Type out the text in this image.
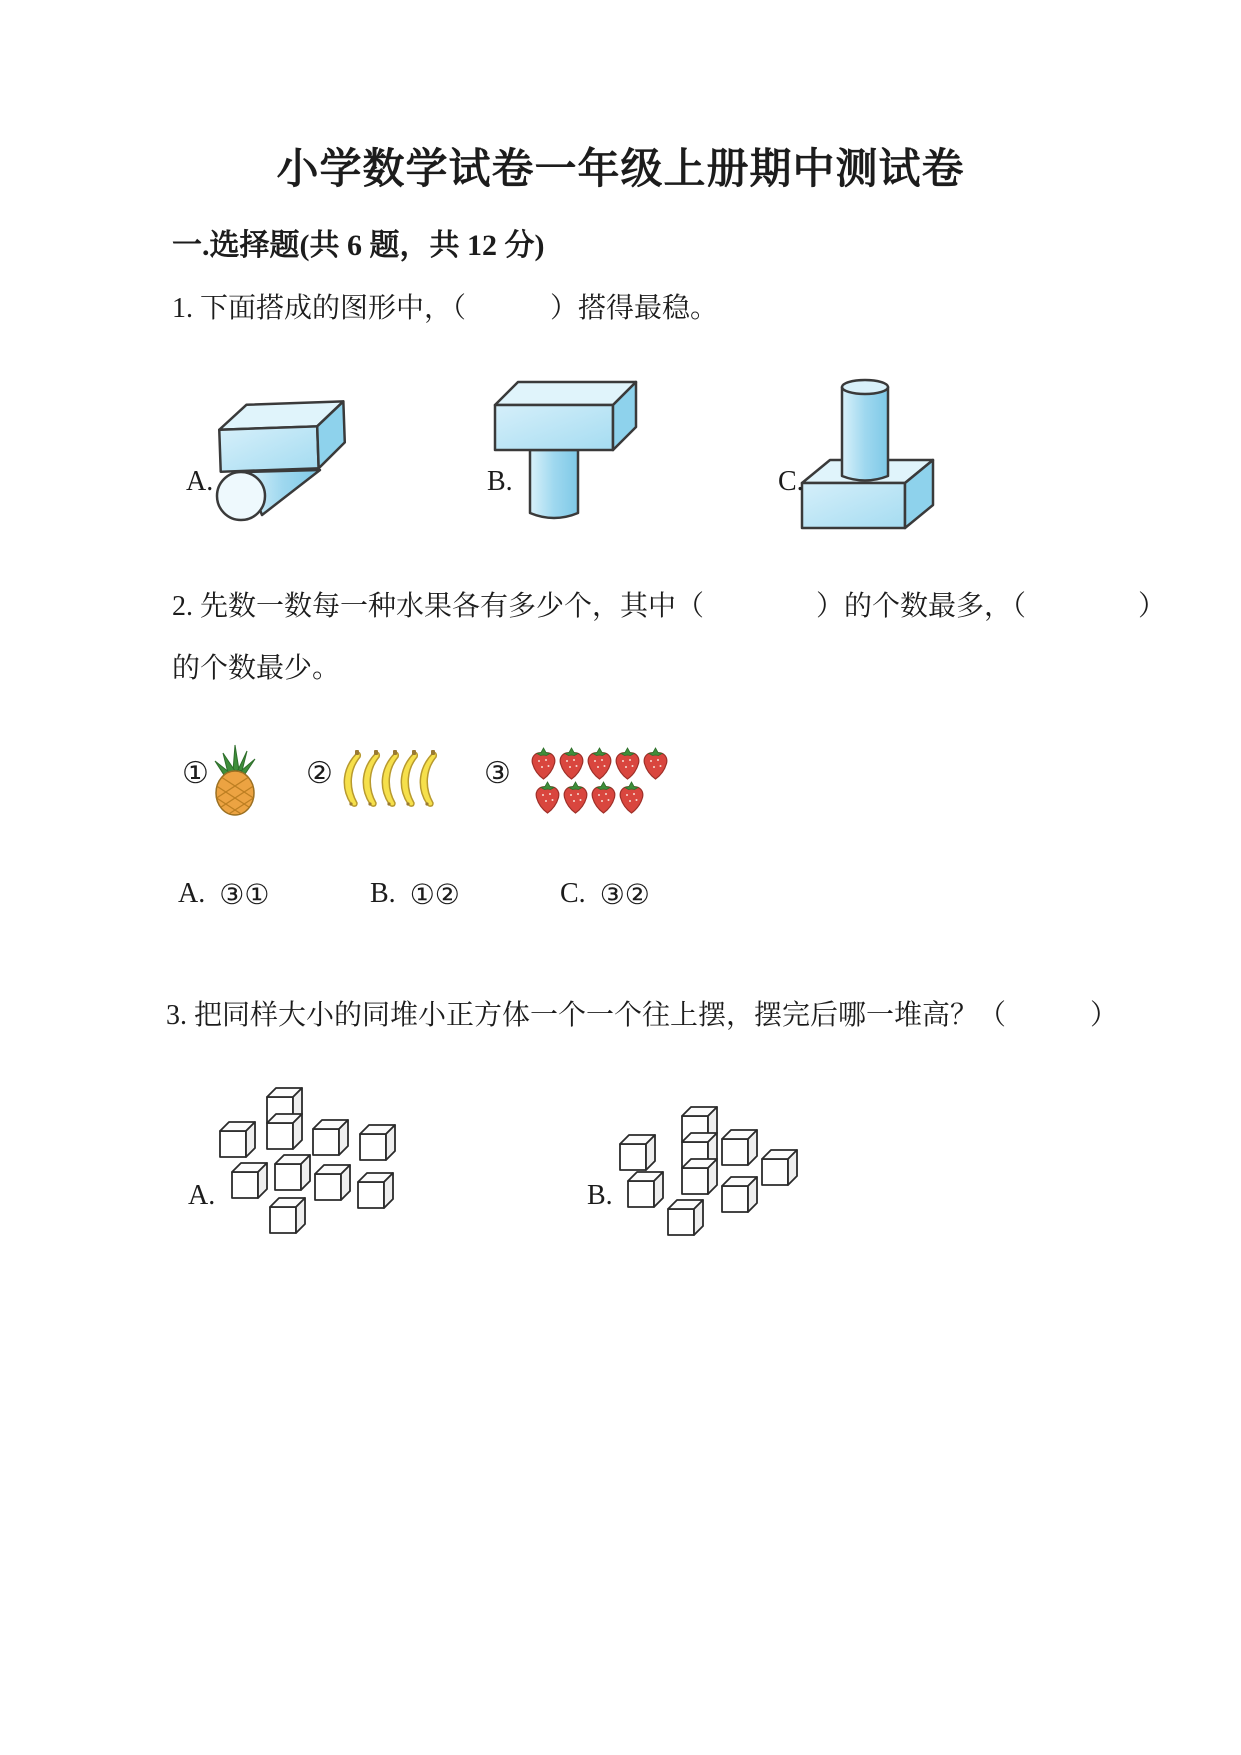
小学数学试卷一年级上册期中测试卷
一.选择题(共 6 题，共 12 分)
1. 下面搭成的图形中，（　　　）搭得最稳。
A.	B.	C.
2. 先数一数每一种水果各有多少个，其中（　　　　）的个数最多，（　　　　）
的个数最少。
①	②	③
A. ③①	B. ①②	C. ③②
3. 把同样大小的同堆小正方体一个一个往上摆，摆完后哪一堆高？（　　　）
A.	B.
